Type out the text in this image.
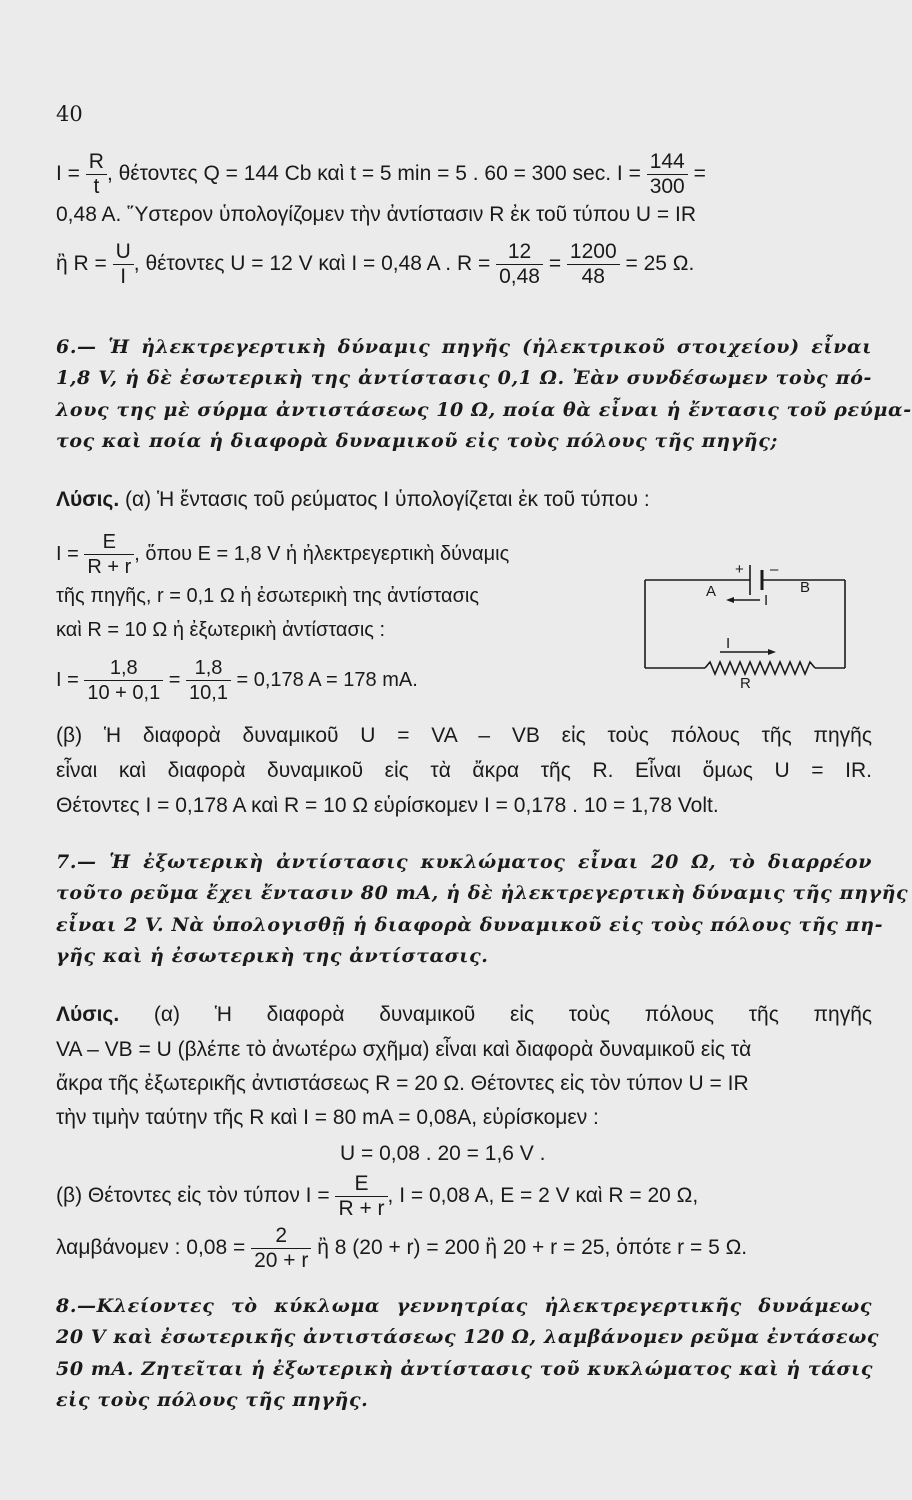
40
$I = \frac{R}{t}$ , θέτοντες Q = 144 Cb καὶ t = 5 min = 5 . 60 = 300 sec. $I = \frac{144}{300}$ =
0,48 A. Ὕστερον ὑπολογίζομεν τὴν ἀντίστασιν R ἐκ τοῦ τύπου U = IR
ἢ $R = \frac{U}{I}$ , θέτοντες U = 12 V καὶ I = 0,48 A . $R = \frac{12}{0,48} = \frac{1200}{48} = 25$ Ω.
6.— Ἡ ἠλεκτρεγερτικὴ δύναμις πηγῆς (ἠλεκτρικοῦ στοιχείου) εἶναι
1,8 V, ἡ δὲ ἐσωτερικὴ της ἀντίστασις 0,1 Ω. Ἐὰν συνδέσωμεν τοὺς πό-
λους της μὲ σύρμα ἀντιστάσεως 10 Ω, ποία θὰ εἶναι ἡ ἔντασις τοῦ ρεύμα-
τος καὶ ποία ἡ διαφορὰ δυναμικοῦ εἰς τοὺς πόλους τῆς πηγῆς;
Λύσις. (α) Ἡ ἔντασις τοῦ ρεύματος I ὑπολογίζεται ἐκ τοῦ τύπου :
$I = \frac{E}{R + r}$ , ὅπου E = 1,8 V ἡ ἠλεκτρεγερτικὴ δύναμις
τῆς πηγῆς, r = 0,1 Ω ἡ ἐσωτερικὴ της ἀντίστασις
καὶ R = 10 Ω ἡ ἐξωτερικὴ ἀντίστασις :
$I = \frac{1,8}{10 + 0,1} = \frac{1,8}{10,1} = 0,178$ A = 178 mA.
+ –
A	B
I
I
R
(β) Ἡ διαφορὰ δυναμικοῦ U = VA – VB εἰς τοὺς πόλους τῆς πηγῆς
εἶναι καὶ διαφορὰ δυναμικοῦ εἰς τὰ ἄκρα τῆς R. Εἶναι ὅμως U = IR.
Θέτοντες I = 0,178 A καὶ R = 10 Ω εὑρίσκομεν I = 0,178 . 10 = 1,78 Volt.
7.— Ἡ ἐξωτερικὴ ἀντίστασις κυκλώματος εἶναι 20 Ω, τὸ διαρρέον
τοῦτο ρεῦμα ἔχει ἔντασιν 80 mA, ἡ δὲ ἠλεκτρεγερτικὴ δύναμις τῆς πηγῆς
εἶναι 2 V. Νὰ ὑπολογισθῇ ἡ διαφορὰ δυναμικοῦ εἰς τοὺς πόλους τῆς πη-
γῆς καὶ ἡ ἐσωτερικὴ της ἀντίστασις.
Λύσις. (α) Ἡ διαφορὰ δυναμικοῦ εἰς τοὺς πόλους τῆς πηγῆς
VA – VB = U (βλέπε τὸ ἀνωτέρω σχῆμα) εἶναι καὶ διαφορὰ δυναμικοῦ εἰς τὰ
ἄκρα τῆς ἐξωτερικῆς ἀντιστάσεως R = 20 Ω. Θέτοντες εἰς τὸν τύπον U = IR
τὴν τιμὴν ταύτην τῆς R καὶ I = 80 mA = 0,08A, εὑρίσκομεν :
U = 0,08 . 20 = 1,6 V .
(β) Θέτοντες εἰς τὸν τύπον $I = \frac{E}{R + r}$ , I = 0,08 A, E = 2 V καὶ R = 20 Ω,
λαμβάνομεν : $0,08 = \frac{2}{20 + r}$ ἢ 8 (20 + r) = 200 ἢ 20 + r = 25, ὁπότε r = 5 Ω.
8.—Κλείοντες τὸ κύκλωμα γεννητρίας ἠλεκτρεγερτικῆς δυνάμεως
20 V καὶ ἐσωτερικῆς ἀντιστάσεως 120 Ω, λαμβάνομεν ρεῦμα ἐντάσεως
50 mA. Ζητεῖται ἡ ἐξωτερικὴ ἀντίστασις τοῦ κυκλώματος καὶ ἡ τάσις
εἰς τοὺς πόλους τῆς πηγῆς.
